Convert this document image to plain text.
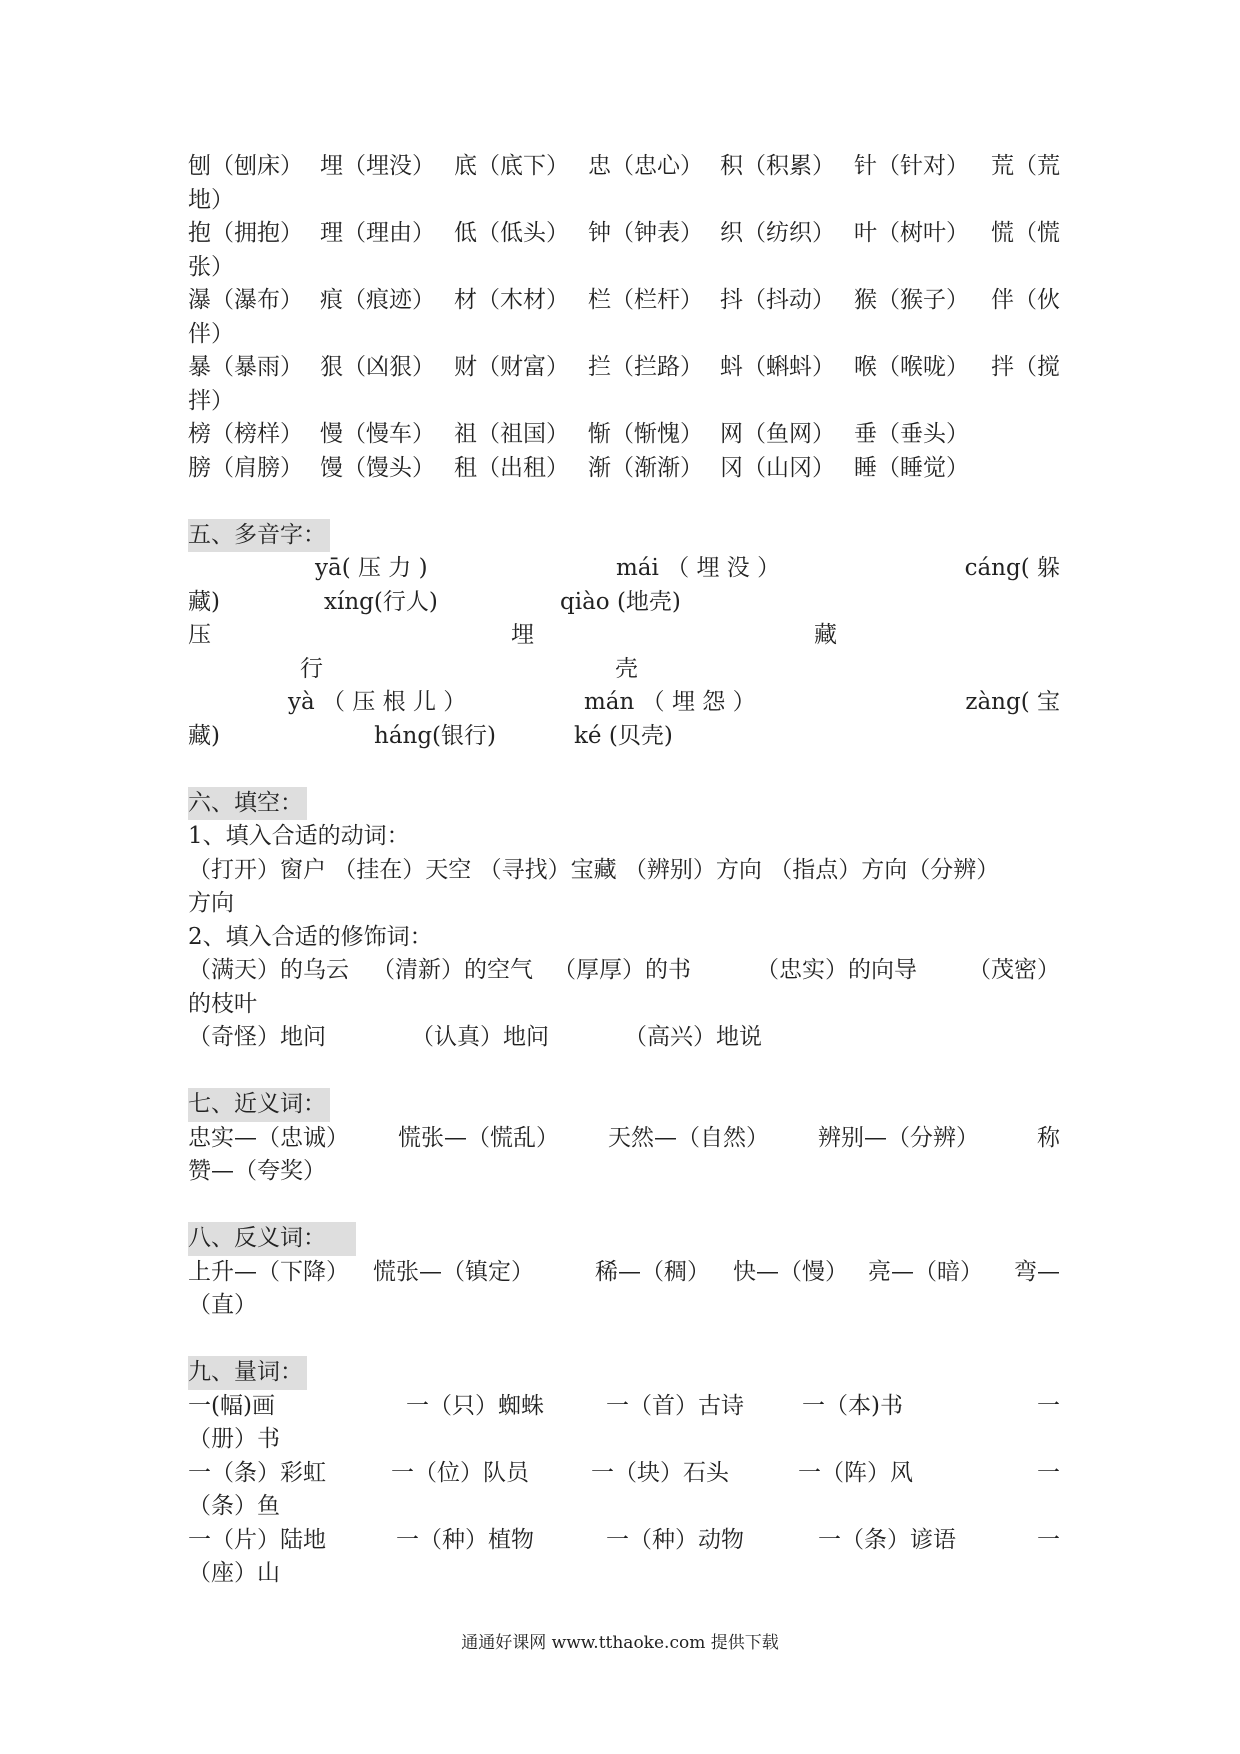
刨（刨床） 埋（埋没） 底（底下） 忠（忠心） 积（积累） 针（针对） 荒（荒

地）

抱（拥抱） 理（理由） 低（低头） 钟（钟表） 织（纺织） 叶（树叶） 慌（慌

张）

瀑（瀑布） 痕（痕迹） 材（木材） 栏（栏杆） 抖（抖动） 猴（猴子） 伴（伙

伴）

暴（暴雨） 狠（凶狠） 财（财富） 拦（拦路） 蚪（蝌蚪） 喉（喉咙） 拌（搅

拌）

榜（榜样） 慢（慢车） 祖（祖国） 惭（惭愧） 网（鱼网） 垂（垂头）

膀（肩膀） 馒（馒头） 租（出租） 渐（渐渐） 冈（山冈） 睡（睡觉）

五、多音字：
yā( 压 力 )	mái （ 埋 没 ）	cáng( 躲

藏)	xíng(行人)	qiào (地壳)

压	埋	藏

行	壳

yà （ 压 根 儿 ）	mán （ 埋 怨 ）	zàng( 宝

藏)	háng(银行)	ké (贝壳)

六、填空：
1、填入合适的动词：
（打开）窗户 （挂在）天空 （寻找）宝藏 （辨别）方向 （指点）方向（分辨）
方向
2、填入合适的修饰词：
（满天）的乌云 （清新）的空气 （厚厚）的书	（忠实）的向导 （茂密）

的枝叶
（奇怪）地问	（认真）地问	（高兴）地说

七、近义词：
忠实—（忠诚） 慌张—（慌乱） 天然—（自然） 辨别—（分辨）	称

赞—（夸奖）
八、反义词：
上升—（下降） 慌张—（镇定）	稀—（稠） 快—（慢） 亮—（暗） 弯—

（直）
九、量词：
一(幅)画	一（只）蜘蛛	一（首）古诗	一（本)书	一

（册）书
一（条）彩虹	一（位）队员	一（块）石头	一（阵）风	一

（条）鱼
一（片）陆地	一（种）植物	一（种）动物	一（条）谚语	一

（座）山
通通好课网 www.tthaoke.com 提供下载
